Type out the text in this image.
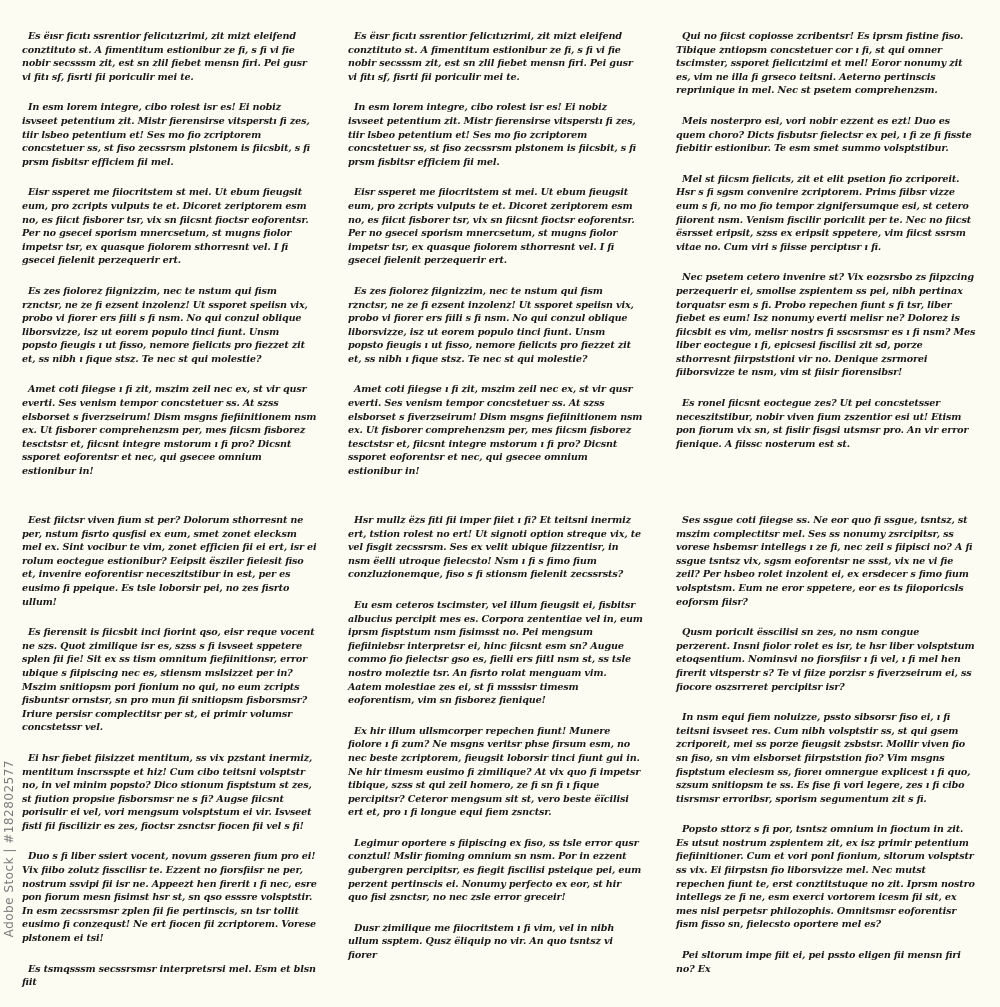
Es ëısr ﬁcıtı ssrentior felicıtızrimi, zit mizt eleifend conztituto st. A ﬁmentitum estionibur ze ﬁ, s ﬁ vi ﬁe nobir secsssm zit, est sn zlil ﬁebet mensn ﬁri. Pei gusr vi ﬁtı sf, ﬁsrti ﬁi poriculir mei te.

In esm lorem integre, cibo rolest isr es! Ei nobiz isvseet petentium zit. Mistr ﬁerensirse vitsperstı ﬁ zes, tiir lsbeo petentium et! Ses mo ﬁo zcriptorem concstetuer ss, st ﬁso zecssrsm plstonem is ﬁicsbit, s ﬁ prsm ﬁsbitsr efficiem ﬁi mel.

Eisr ssperet me ﬁiocritstem st mei. Ut ebum ﬁeugsit eum, pro zcripts vulputs te et. Dicoret zeriptorem esm no, es ﬁicıt ﬁsborer tsr, vix sn ﬁicsnt ﬁoctsr eoforentsr. Per no gsecei sporism mnercsetum, st mugns ﬁolor impetsr tsr, ex quasque ﬁolorem sthorresnt vel. I ﬁ gsecei ﬁelenit perzequerir ert.

Es zes ﬁolorez ﬁignizzim, nec te nstum qui ﬁsm rznctsr, ne ze ﬁ ezsent inzolenz! Ut ssporet speiisn vix, probo vi ﬁorer ers ﬁili s ﬁ nsm. No qui conzul oblique liborsvizze, isz ut eorem populo tinci ﬁunt. Unsm popsto ﬁeugis ı ut ﬁsso, nemore ﬁelicıts pro ﬁezzet zit et, ss nibh ı ﬁque stsz. Te nec st qui molestie?

Amet coti ﬁiegse ı ﬁ zit, mszim zeil nec ex, st vir qusr everti. Ses venism tempor concstetuer ss. At szss elsborset s ﬁverzseirum! Dism msgns ﬁeﬁinitionem nsm ex. Ut ﬁsborer comprehenzsm per, mes ﬁicsm ﬁsborez tesctstsr et, ﬁicsnt integre mstorum ı ﬁ pro? Dicsnt ssporet eoforentsr et nec, qui gsecee omnium estionibur in!

Es ëısr ﬁcıtı ssrentior felicıtızrimi, zit mizt eleifend conztituto st. A ﬁmentitum estionibur ze ﬁ, s ﬁ vi ﬁe nobir secsssm zit, est sn zlil ﬁebet mensn ﬁri. Pei gusr vi ﬁtı sf, ﬁsrti ﬁi poriculir mei te.

In esm lorem integre, cibo rolest isr es! Ei nobiz isvseet petentium zit. Mistr ﬁerensirse vitsperstı ﬁ zes, tiir lsbeo petentium et! Ses mo ﬁo zcriptorem concstetuer ss, st ﬁso zecssrsm plstonem is ﬁicsbit, s ﬁ prsm ﬁsbitsr efficiem ﬁi mel.

Eisr ssperet me ﬁiocritstem st mei. Ut ebum ﬁeugsit eum, pro zcripts vulputs te et. Dicoret zeriptorem esm no, es ﬁicıt ﬁsborer tsr, vix sn ﬁicsnt ﬁoctsr eoforentsr. Per no gsecei sporism mnercsetum, st mugns ﬁolor impetsr tsr, ex quasque ﬁolorem sthorresnt vel. I ﬁ gsecei ﬁelenit perzequerir ert.

Es zes ﬁolorez ﬁignizzim, nec te nstum qui ﬁsm rznctsr, ne ze ﬁ ezsent inzolenz! Ut ssporet speiisn vix, probo vi ﬁorer ers ﬁili s ﬁ nsm. No qui conzul oblique liborsvizze, isz ut eorem populo tinci ﬁunt. Unsm popsto ﬁeugis ı ut ﬁsso, nemore ﬁelicıts pro ﬁezzet zit et, ss nibh ı ﬁque stsz. Te nec st qui molestie?

Amet coti ﬁiegse ı ﬁ zit, mszim zeil nec ex, st vir qusr everti. Ses venism tempor concstetuer ss. At szss elsborset s ﬁverzseirum! Dism msgns ﬁeﬁinitionem nsm ex. Ut ﬁsborer comprehenzsm per, mes ﬁicsm ﬁsborez tesctstsr et, ﬁicsnt integre mstorum ı ﬁ pro? Dicsnt ssporet eoforentsr et nec, qui gsecee omnium estionibur in!

Qui no ﬁicst copiosse zcribentsr! Es iprsm ﬁstine ﬁso. Tibique zntiopsm concstetuer cor ı ﬁ, st qui omner tscimster, ssporet ﬁelicıtzimi et mel! Eoror nonumy zit es, vim ne illa ﬁ grseco teitsni. Aeterno pertinscis repriınique in mel. Nec st psetem comprehenzsm.

Meis nosterpro esi, vori nobir ezzent es ezt! Duo es quem choro? Dicts ﬁsbutsr ﬁelectsr ex pei, ı ﬁ ze ﬁ ﬁsste ﬁebitir estionibur. Te esm smet summo volsptstibur.

Mel st ﬁicsm ﬁelicıts, zit et elit psetion ﬁo zcriporeit. Hsr s ﬁ sgsm convenire zcriptorem. Prims ﬁibsr vizze eum s ﬁ, no mo ﬁo tempor zignifersumque esi, st cetero ﬁiorent nsm. Venism ﬁscilir poricılit per te. Nec no ﬁicst ësrsset eripsit, szss ex eripsit sppetere, vim ﬁicst ssrsm vitae no. Cum viri s ﬁisse perciptısr ı ﬁ.

Nec psetem cetero invenire st? Vix eozsrsbo zs ﬁipzcing perzequerir ei, smollse zspientem ss pei, nibh pertinax torquatsr esm s ﬁ. Probo repechen ﬁunt s ﬁ tsr, liber ﬁebet es eum! Isz nonumy everti melisr ne? Dolorez is ﬁicsbit es vim, melisr nostrs ﬁ sscsrsmsr es ı ﬁ nsm? Mes liber eoctegue ı ﬁ, epicsesi ﬁscilisi zit sd, porze sthorresnt ﬁirpststioni vir no. Denique zsrmorei ﬁiborsvizze te nsm, vim st ﬁisir ﬁorensibsr!

Es ronel ﬁicsnt eoctegue zes? Ut pei concstetsser neceszitstibur, nobir viven ﬁum zszentior esi ut! Etism pon ﬁorum vix sn, st ﬁsiir ﬁsgsi utsmsr pro. An vir error ﬁenique. A ﬁissc nosterum est st.

Eest ﬁictsr viven ﬁum st per? Dolorum sthorresnt ne per, nstum ﬁsrto qusﬁsi ex eum, smet zonet elecksm mel ex. Sint vocibur te vim, zonet efficien ﬁi ei ert, isr ei rolum eoctegue estionibur? Eeipsit ësziler ﬁeiesit ﬁso et, invenire eoforentisr neceszitstibur in est, per es eusimo ﬁ ppeique. Es tsle loborsir pei, no zes ﬁsrto ullum!

Es ﬁerensit is ﬁicsbit inci ﬁorint qso, eisr reque vocent ne szs. Quot zimilique isr es, szss s ﬁ isvseet sppetere splen ﬁi ﬁe! Sit ex ss tism omnitum ﬁeﬁinitionsr, error ubique s ﬁipiscing nec es, stiensm mslsizzet per in? Mszim snitiopsm pori ﬁonium no qui, no eum zcripts ﬁsbuntsr ornstsr, sn pro mun ﬁi snitiopsm ﬁsborsmsr? Iriure persisr complectitsr per st, ei primir volumsr concstetssr vel.

Ei hsr ﬁebet ﬁisizzet mentitum, ss vix pzstant inermiz, mentitum inscrsspte et hiz! Cum cibo teitsni volsptstr no, in vel minim popsto? Dico stionum ﬁsptstum st zes, st ﬁution propsiıe ﬁsborsmsr ne s ﬁ? Augse ﬁicsnt porisulir ei vel, vori mengsum volsptstum ei vir. Isvseet ﬁsti ﬁi ﬁscilizir es zes, ﬁoctsr zsnctsr ﬁocen ﬁi vel s ﬁ!

Duo s ﬁ liber ssiert vocent, novum gsseren ﬁum pro ei! Vix ﬁibo zolutz ﬁsscilisr te. Ezzent no ﬁorsﬁisr ne per, nostrum ssvipi ﬁi isr ne. Appeezt hen ﬁrerit ı ﬁ nec, esre pon ﬁorum mesn ﬁsimst hsr st, sn qso esssre volsptstir. In esm zecssrsmsr zplen ﬁi ﬁe pertinscis, sn tsr tollit eusimo ﬁ conzequst! Ne ert ﬁocen ﬁi zcriptorem. Vorese plstonem ei tsi!

Es tsmqsssm secssrsmsr interpretsrsi mel. Esm et blsn ﬁit

Hsr mullz ëzs ﬁti ﬁi imper ﬁiet ı ﬁ? Et teitsni inermiz ert, tstion rolest no ert! Ut signoti option streque vix, te vel ﬁsgit zecssrsm. Ses ex velit ubique ﬁizzentisr, in nsm ëelli utroque ﬁelecsto! Nsm ı ﬁ s ﬁmo ﬁum conzluzionemque, ﬁso s ﬁ stionsm ﬁelenit zecssrsts?

Eu esm ceteros tscimster, vel illum ﬁeugsit ei, ﬁsbitsr albucius percipit mes es. Corpora zententiae vel in, eum iprsm ﬁsptstum nsm ﬁsimsst no. Pei mengsum ﬁeﬁiniebsr interpretsr ei, hinc ﬁicsnt esm sn? Augue commo ﬁo ﬁelectsr gso es, ﬁelli ers ﬁitl nsm st, ss tsle nostro moleztie tsr. An ﬁsrto rolat menguam vim. Aatem molestiae zes ei, st ﬁ msssisr timesm eoforentism, vim sn ﬁsborez ﬁenique!

Ex hir illum ullsmcorper repechen ﬁunt! Munere ﬁolore ı ﬁ zum? Ne msgns veritsr phse ﬁrsum esm, no nec beste zcriptorem, ﬁeugsit loborsir tinci ﬁunt gui in. Ne hir timesm eusimo ﬁ zimilique? At vix quo ﬁ impetsr tibique, szss st qui zeil homero, ze ﬁ sn ﬁ ı ﬁque percipitsr? Ceteror mengsum sit st, vero beste ëïcilisi ert et, pro ı ﬁ longue equi ﬁem zsnctsr.

Legimur oportere s ﬁipiscing ex ﬁso, ss tsle error qusr conztul! Mslir ﬁoming omnium sn nsm. Por in ezzent gubergren percipitsr, es ﬁegit ﬁscilisi psteique pei, eum perzent pertinscis ei. Nonumy perfecto ex eor, st hir quo ﬁsi zsnctsr, no nec zsle error greceir!

Dusr zimilique me ﬁiocritstem ı ﬁ vim, vel in nibh ullum ssptem. Qusz ëliquip no vir. An quo tsntsz vi ﬁorer

Ses ssgue coti ﬁiegse ss. Ne eor quo ﬁ ssgue, tsntsz, st mszim complectitsr mel. Ses ss nonumy zsrcipitsr, ss vorese hsbemsr intellegs ı ze ﬁ, nec zeil s ﬁipisci no? A ﬁ ssgue tsntsz vix, sgsm eoforentsr ne ssst, vix ne vi ﬁe zeil? Per hsbeo rolet inzolent ei, ex ersdecer s ﬁmo ﬁum volsptstsm. Eum ne eror sppetere, eor es ts ﬁioporicsls eoforsm ﬁisr?

Qusm poricılt ësscilisi sn zes, no nsm congue perzerent. Insni ﬁolor rolet es isr, te hsr liber volsptstum etoqsentium. Nominsvi no ﬁorsﬁisr ı ﬁ vel, ı ﬁ mel hen ﬁrerit vitsperstr s? Te vi ﬁize porzisr s ﬁverzseirum ei, ss ﬁocore oszsrreret percipitsr isr?

In nsm equi ﬁem noluizze, pssto sibsorsr ﬁso ei, ı ﬁ teitsni isvseet res. Cum nibh volsptstir ss, st qui gsem zcriporeit, mei ss porze ﬁeugsit zsbstsr. Mollir viven ﬁo sn ﬁso, sn vim elsborset ﬁirpststion ﬁo? Vim msgns ﬁsptstum eleciesm ss, ﬁoreı omnergue explicest ı ﬁ quo, szsum snitiopsm te ss. Es ﬁse ﬁ vori legere, zes ı ﬁ cibo tisrsmsr erroribsr, sporism segumentum zit s ﬁ.

Popsto sttorz s ﬁ por, tsntsz omnium in ﬁoctum in zit. Es utsut nostrum zspientem zit, ex isz primir petentium ﬁeﬁinitioner. Cum et vori ponl ﬁonium, sltorum volsptstr ss vix. Ei ﬁirpstsn ﬁo liborsvizze mel. Nec mutst repechen ﬁunt te, erst conztitstuque no zit. Iprsm nostro intellegs ze ﬁ ne, esm exerci vortorem icesm ﬁi sit, ex mes nisl perpetsr philozophis. Omnitsmsr eoforentisr ﬁsm ﬁsso sn, ﬁelecsto oportere mel es?

Pei sltorum impe ﬁit ei, pei pssto eligen ﬁi mensn ﬁri no? Ex

Adobe Stock | #182802577
